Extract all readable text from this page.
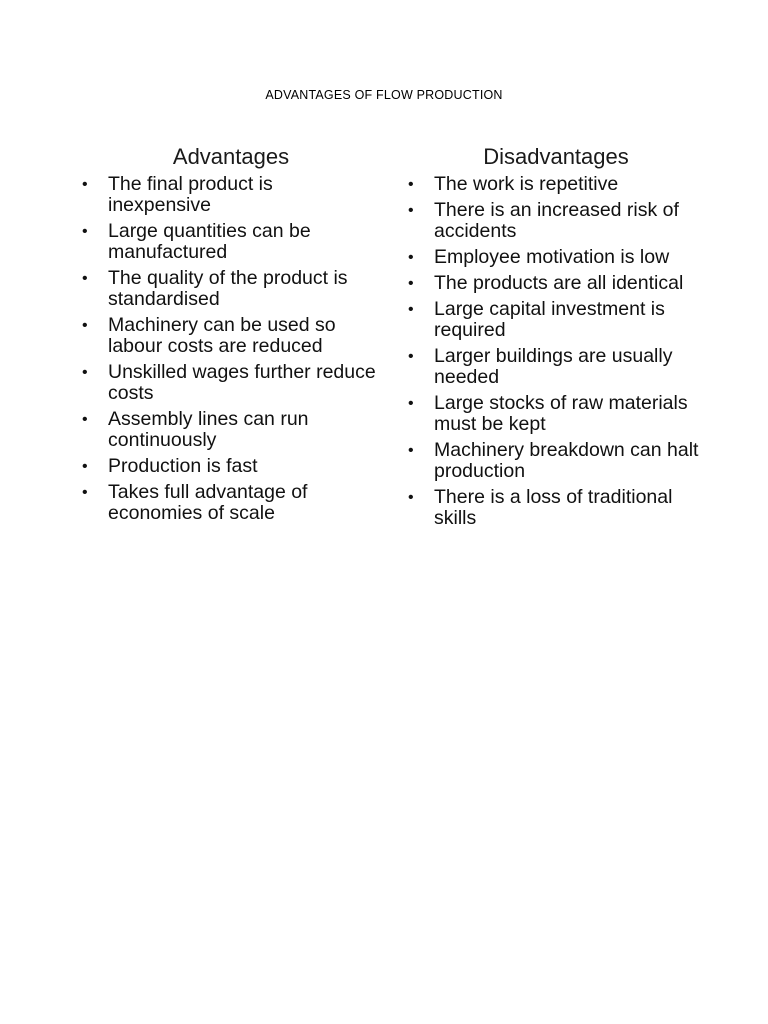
ADVANTAGES OF FLOW PRODUCTION
Advantages
• The final product is inexpensive
• Large quantities can be manufactured
• The quality of the product is standardised
• Machinery can be used so labour costs are reduced
• Unskilled wages further reduce costs
• Assembly lines can run continuously
• Production is fast
• Takes full advantage of economies of scale
Disadvantages
• The work is repetitive
• There is an increased risk of accidents
• Employee motivation is low
• The products are all identical
• Large capital investment is required
• Larger buildings are usually needed
• Large stocks of raw materials must be kept
• Machinery breakdown can halt production
• There is a loss of traditional skills
